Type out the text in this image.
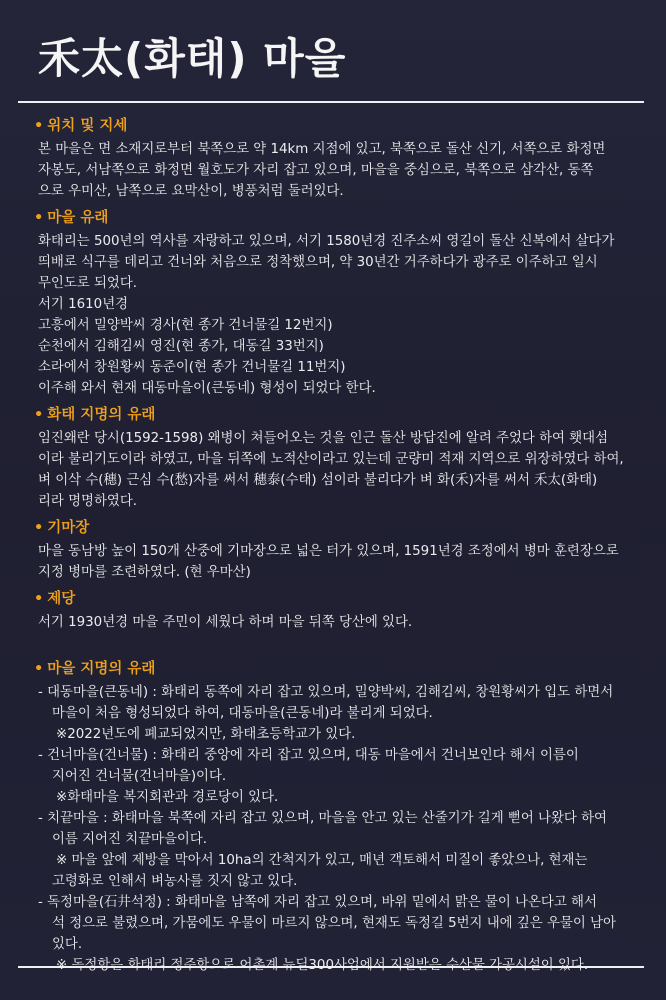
禾太(화태) 마을
• 위치 및 지세
본 마을은 면 소재지로부터 북쪽으로 약 14km 지점에 있고, 북쪽으로 돌산 신기, 서쪽으로 화정면
자봉도, 서남쪽으로 화정면 월호도가 자리 잡고 있으며, 마을을 중심으로, 북쪽으로 삼각산, 동쪽
으로 우미산, 남쪽으로 요막산이, 병풍처럼 둘러있다.
• 마을 유래
화태리는 500년의 역사를 자랑하고 있으며, 서기 1580년경 진주소씨 영길이 돌산 신복에서 살다가
띄배로 식구를 데리고 건너와 처음으로 정착했으며, 약 30년간 거주하다가 광주로 이주하고 일시
무인도로 되었다.
서기 1610년경
고흥에서 밀양박씨 경사(현 종가 건너물길 12번지)
순천에서 김해김씨 영진(현 종가, 대동길 33번지)
소라에서 창원황씨 동준이(현 종가 건너물길 11번지)
이주해 와서 현재 대동마을이(큰동네) 형성이 되었다 한다.
• 화태 지명의 유래
임진왜란 당시(1592-1598) 왜병이 쳐들어오는 것을 인근 돌산 방답진에 알려 주었다 하여 횃대섬
이라 불리기도이라 하였고, 마을 뒤쪽에 노적산이라고 있는데 군량미 적재 지역으로 위장하였다 하여,
벼 이삭 수(穗) 근심 수(愁)자를 써서 穗泰(수태) 섬이라 불리다가 벼 화(禾)자를 써서 禾太(화태)
리라 명명하였다.
• 기마장
마을 동남방 높이 150개 산중에 기마장으로 넓은 터가 있으며, 1591년경 조정에서 병마 훈련장으로
지정 병마를 조련하였다. (현 우마산)
• 제당
서기 1930년경 마을 주민이 세웠다 하며 마을 뒤쪽 당산에 있다.
• 마을 지명의 유래
- 대동마을(큰동네) : 화태리 동쪽에 자리 잡고 있으며, 밀양박씨, 김해김씨, 창원황씨가 입도 하면서
마을이 처음 형성되었다 하여, 대동마을(큰동네)라 불리게 되었다.
※2022년도에 폐교되었지만, 화태초등학교가 있다.
- 건너마을(건너물) : 화태리 중앙에 자리 잡고 있으며, 대동 마을에서 건너보인다 해서 이름이
지어진 건너물(건너마을)이다.
※화태마을 복지회관과 경로당이 있다.
- 치끝마을 : 화태마을 북쪽에 자리 잡고 있으며, 마을을 안고 있는 산줄기가 길게 뻗어 나왔다 하여
이름 지어진 치끝마을이다.
※ 마을 앞에 제방을 막아서 10ha의 간척지가 있고, 매년 객토해서 미질이 좋았으나, 현재는
고령화로 인해서 벼농사를 짓지 않고 있다.
- 독정마을(石井석정) : 화태마을 남쪽에 자리 잡고 있으며, 바위 밑에서 맑은 물이 나온다고 해서
석 정으로 불렸으며, 가뭄에도 우물이 마르지 않으며, 현재도 독정길 5번지 내에 깊은 우물이 남아
있다.
